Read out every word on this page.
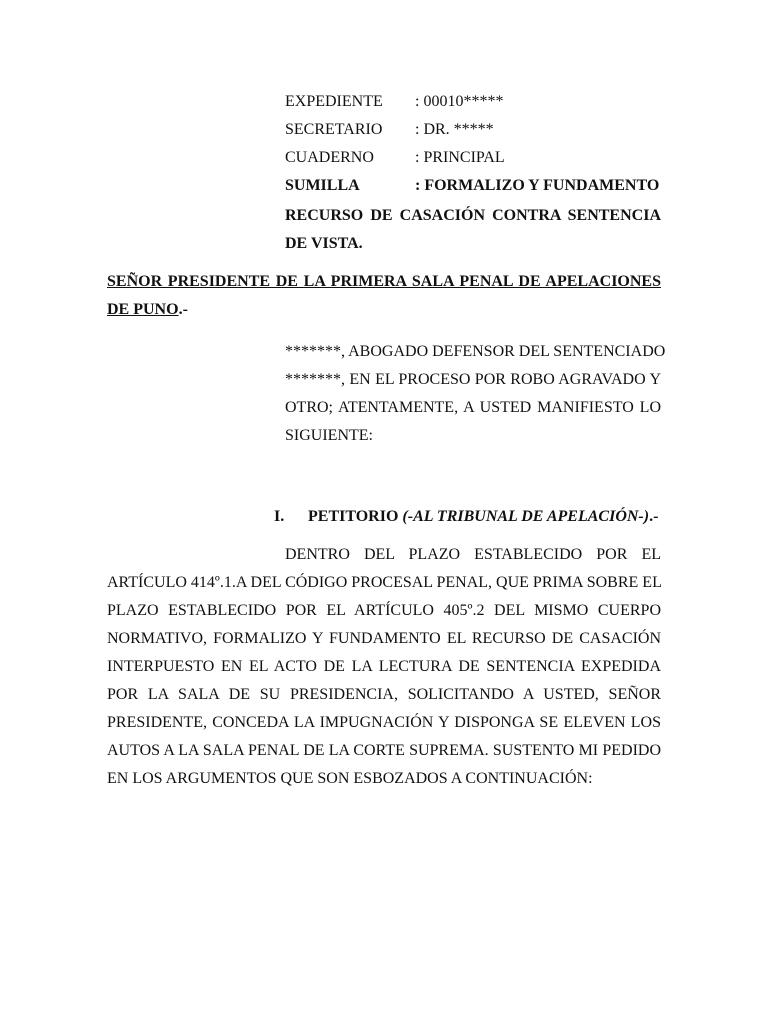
EXPEDIENTE	: 00010*****
SECRETARIO	: DR. *****
CUADERNO	: PRINCIPAL
SUMILLA	: FORMALIZO Y FUNDAMENTO
RECURSO DE CASACIÓN CONTRA SENTENCIA
DE VISTA.
SEÑOR PRESIDENTE DE LA PRIMERA SALA PENAL DE APELACIONES
DE PUNO.-
*******, ABOGADO DEFENSOR DEL SENTENCIADO
*******, EN EL PROCESO POR ROBO AGRAVADO Y
OTRO; ATENTAMENTE, A USTED MANIFIESTO LO
SIGUIENTE:
I. PETITORIO (-AL TRIBUNAL DE APELACIÓN-).-
DENTRO DEL PLAZO ESTABLECIDO POR EL
ARTÍCULO 414º.1.A DEL CÓDIGO PROCESAL PENAL, QUE PRIMA SOBRE EL
PLAZO ESTABLECIDO POR EL ARTÍCULO 405º.2 DEL MISMO CUERPO
NORMATIVO, FORMALIZO Y FUNDAMENTO EL RECURSO DE CASACIÓN
INTERPUESTO EN EL ACTO DE LA LECTURA DE SENTENCIA EXPEDIDA
POR LA SALA DE SU PRESIDENCIA, SOLICITANDO A USTED, SEÑOR
PRESIDENTE, CONCEDA LA IMPUGNACIÓN Y DISPONGA SE ELEVEN LOS
AUTOS A LA SALA PENAL DE LA CORTE SUPREMA. SUSTENTO MI PEDIDO
EN LOS ARGUMENTOS QUE SON ESBOZADOS A CONTINUACIÓN:
